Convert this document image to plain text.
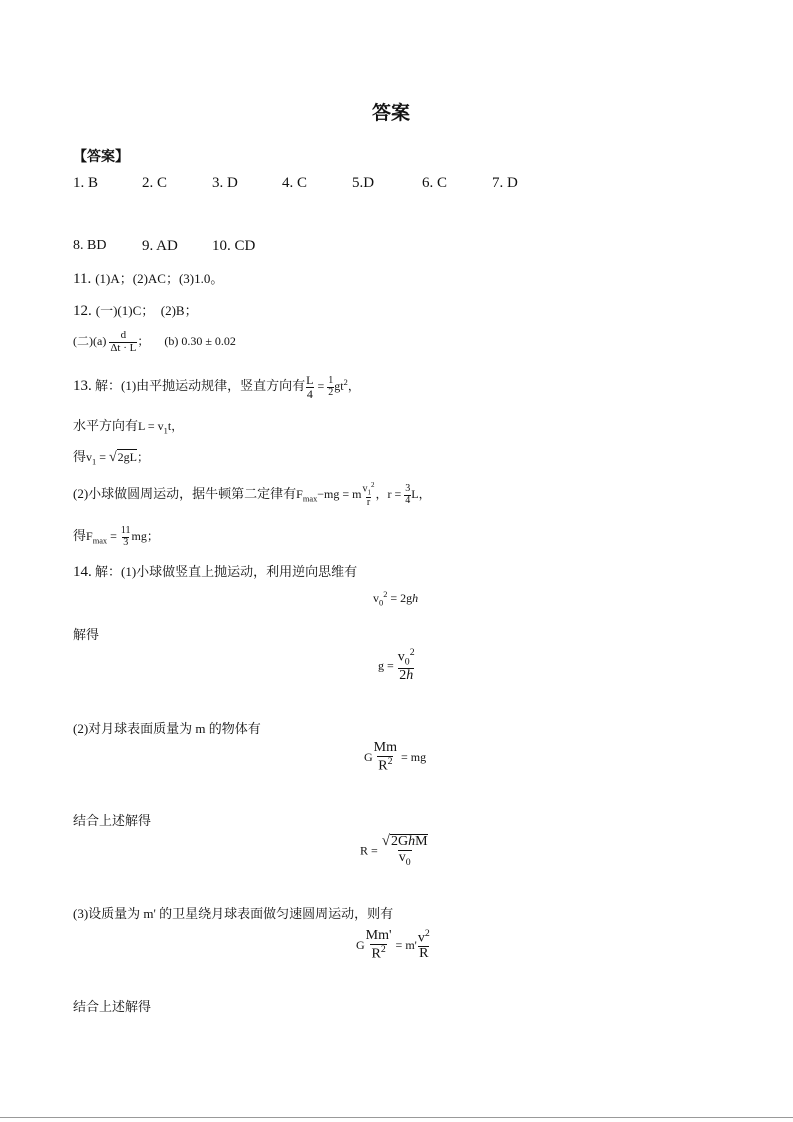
答案
【答案】
1. B	2. C	3. D	4. C	5.D	6. C	7. D
8. BD 9. AD 10. CD
11. (1)A；(2)AC；(3)1.0。
12. (一)(1)C；　(2)B；
(二)$(a) \frac{d}{\Delta t \cdot L}$ ； (b) 0.30 ± 0.02
13. 解：(1)由平抛运动规律，竖直方向有 $\frac{L}{4} = \frac{1}{2} gt^2$，
水平方向有$L = v_1t$，
得$v_1 = √2gL$；
(2)小球做圆周运动，据牛顿第二定律有$F_{max}-mg = m \frac{v_1^2}{r}$ ，$r = \frac{3}{4}$ L，
得$F_{max} = \frac{11}{3}$ mg；
14. 解：(1)小球做竖直上抛运动，利用逆向思维有
$v_0^2 = 2gh$
解得
$g = \frac{v_0^2}{2h}$
(2)对月球表面质量为 m 的物体有
G $\frac{Mm}{R^2}$ = mg
结合上述解得
$R = \frac{\text{√2GhM}}{v_0}$
(3)设质量为 m' 的卫星绕月球表面做匀速圆周运动，则有
G $\frac{Mm'}{R^2} = m' \frac{v^2}{R}$
结合上述解得
